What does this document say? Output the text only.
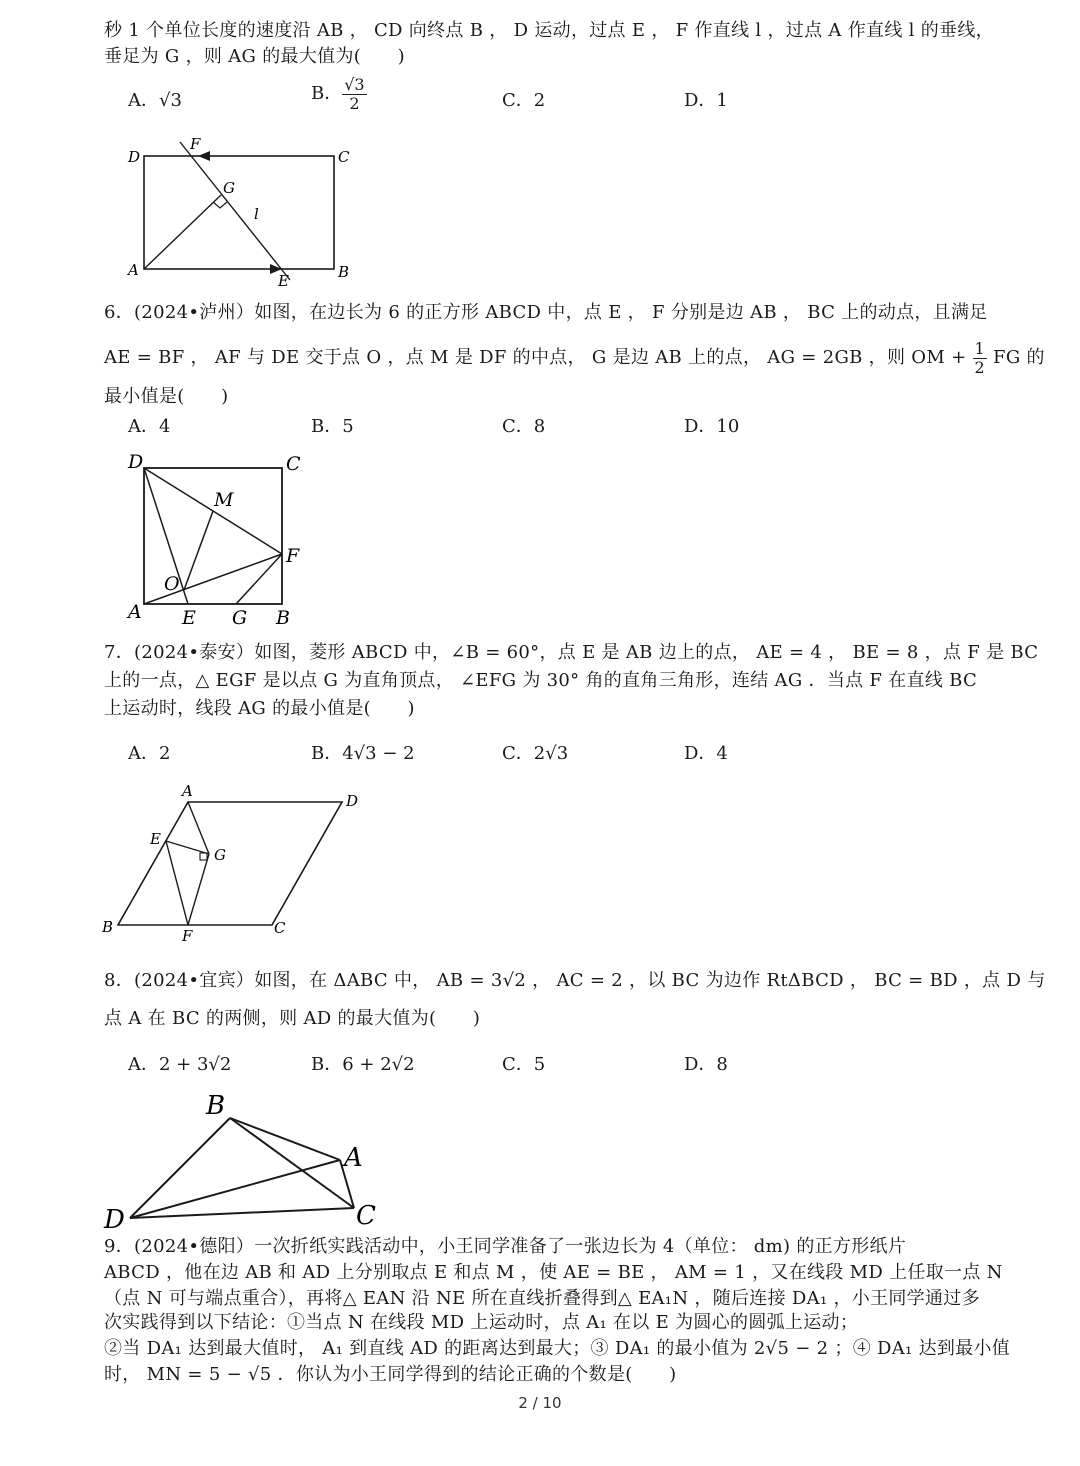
秒 1 个单位长度的速度沿 AB ， CD 向终点 B ， D 运动，过点 E ， F 作直线 l ，过点 A 作直线 l 的垂线，
垂足为 G ，则 AG 的最大值为(　　)
A．√3	B． $\frac{√3}{2}$	C．2	D．1
D
F
C
G
l
A
E	B
6．(2024•泸州）如图，在边长为 6 的正方形 ABCD 中，点 E ， F 分别是边 AB ， BC 上的动点，且满足
AE = BF ， AF 与 DE 交于点 O ，点 M 是 DF 的中点， G 是边 AB 上的点， AG = 2GB ，则 OM + $\frac{1}{2}$ FG 的
最小值是(　　)
A．4	B．5	C．8	D．10
D	C
M
F
O
A E G B
7．(2024•泰安）如图，菱形 ABCD 中，∠B = 60°，点 E 是 AB 边上的点， AE = 4 ， BE = 8 ，点 F 是 BC
上的一点，△ EGF 是以点 G 为直角顶点， ∠EFG 为 30° 角的直角三角形，连结 AG ．当点 F 在直线 BC
上运动时，线段 AG 的最小值是(　　)
A．2	B．4√3 − 2	C．2√3	D．4
A
D
E
G
B	F	C
8．(2024•宜宾）如图，在 ΔABC 中， AB = 3√2 ， AC = 2 ，以 BC 为边作 RtΔBCD ， BC = BD ，点 D 与
点 A 在 BC 的两侧，则 AD 的最大值为(　　)
A．2 + 3√2	B．6 + 2√2	C．5	D．8
B
A
D	C
9．(2024•德阳）一次折纸实践活动中，小王同学准备了一张边长为 4（单位： dm) 的正方形纸片
ABCD ，他在边 AB 和 AD 上分别取点 E 和点 M ，使 AE = BE ， AM = 1 ，又在线段 MD 上任取一点 N
（点 N 可与端点重合），再将△ EAN 沿 NE 所在直线折叠得到△ EA₁N ，随后连接 DA₁ ，小王同学通过多
次实践得到以下结论：①当点 N 在线段 MD 上运动时，点 A₁ 在以 E 为圆心的圆弧上运动；
②当 DA₁ 达到最大值时， A₁ 到直线 AD 的距离达到最大；③ DA₁ 的最小值为 2√5 − 2 ；④ DA₁ 达到最小值
时， MN = 5 − √5 ．你认为小王同学得到的结论正确的个数是(　　)
2 / 10
